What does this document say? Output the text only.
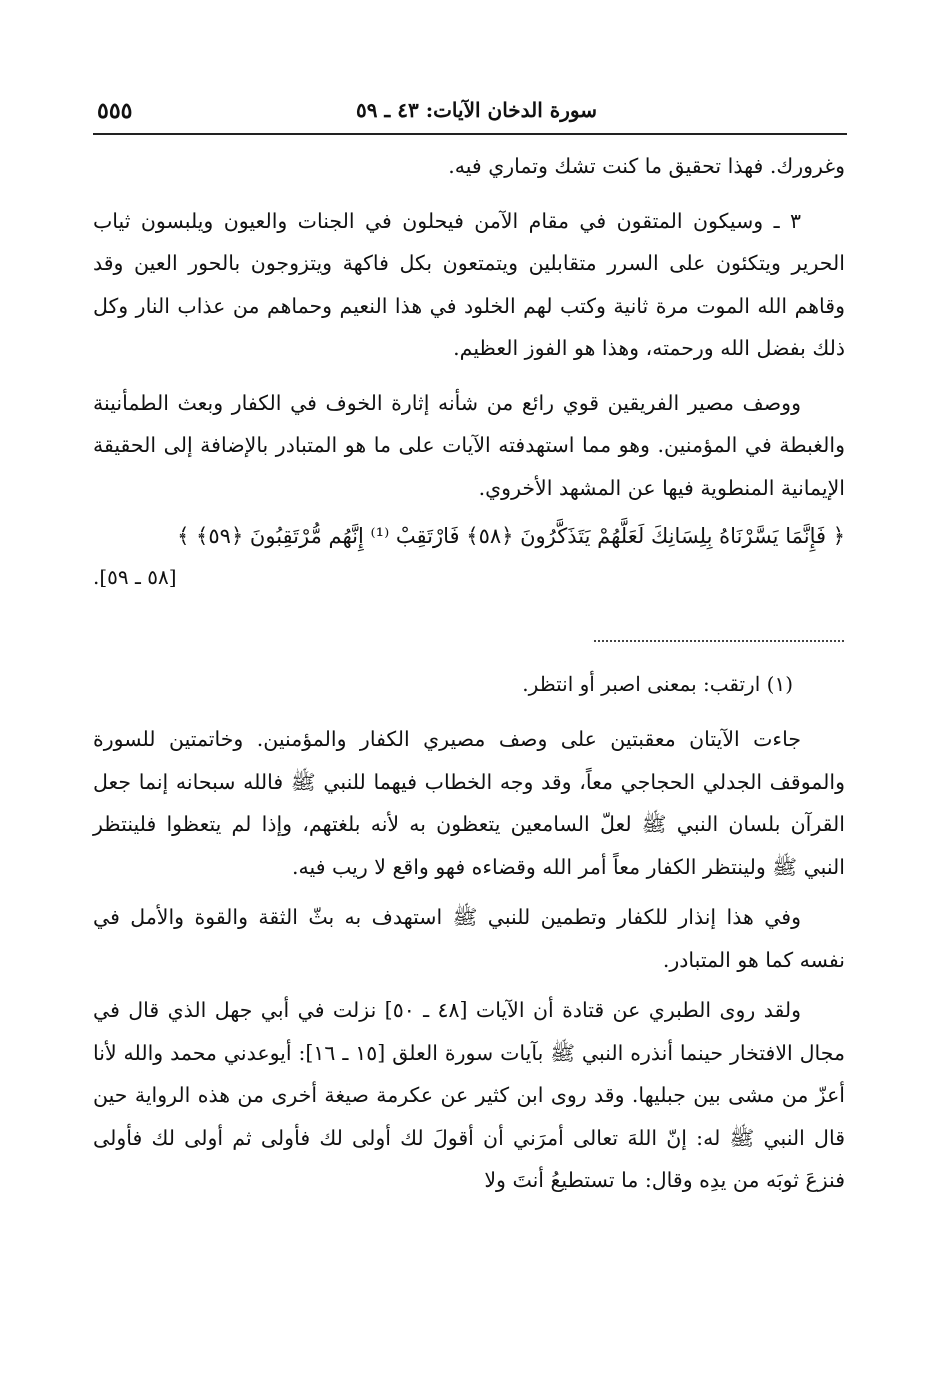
سورة الدخان الآيات: ٤٣ ـ ٥٩
٥٥٥

وغرورك. فهذا تحقيق ما كنت تشك وتماري فيه.

٣ ـ وسيكون المتقون في مقام الآمن فيحلون في الجنات والعيون ويلبسون ثياب الحرير ويتكئون على السرر متقابلين ويتمتعون بكل فاكهة ويتزوجون بالحور العين وقد وقاهم الله الموت مرة ثانية وكتب لهم الخلود في هذا النعيم وحماهم من عذاب النار وكل ذلك بفضل الله ورحمته، وهذا هو الفوز العظيم.

ووصف مصير الفريقين قوي رائع من شأنه إثارة الخوف في الكفار وبعث الطمأنينة والغبطة في المؤمنين. وهو مما استهدفته الآيات على ما هو المتبادر بالإضافة إلى الحقيقة الإيمانية المنطوية فيها عن المشهد الأخروي.

﴿ فَإِنَّمَا يَسَّرْنَاهُ بِلِسَانِكَ لَعَلَّهُمْ يَتَذَكَّرُونَ ﴿٥٨﴾ فَارْتَقِبْ ⁽¹⁾ إِنَّهُم مُّرْتَقِبُونَ ﴿٥٩﴾ ﴾

[٥٨ ـ ٥٩].

(١) ارتقب: بمعنى اصبر أو انتظر.

جاءت الآيتان معقبتين على وصف مصيري الكفار والمؤمنين. وخاتمتين للسورة والموقف الجدلي الحجاجي معاً، وقد وجه الخطاب فيهما للنبي ﷺ فالله سبحانه إنما جعل القرآن بلسان النبي ﷺ لعلّ السامعين يتعظون به لأنه بلغتهم، وإذا لم يتعظوا فلينتظر النبي ﷺ ولينتظر الكفار معاً أمر الله وقضاءه فهو واقع لا ريب فيه.

وفي هذا إنذار للكفار وتطمين للنبي ﷺ استهدف به بثّ الثقة والقوة والأمل في نفسه كما هو المتبادر.

ولقد روى الطبري عن قتادة أن الآيات [٤٨ ـ ٥٠] نزلت في أبي جهل الذي قال في مجال الافتخار حينما أنذره النبي ﷺ بآيات سورة العلق [١٥ ـ ١٦]: أيوعدني محمد والله لأنا أعزّ من مشى بين جبليها. وقد روى ابن كثير عن عكرمة صيغة أخرى من هذه الرواية حين قال النبي ﷺ له: إنّ اللهَ تعالى أمرَني أن أقولَ لك أولى لك فأولى ثم أولى لك فأولى فنزعَ ثوبَه من يدِه وقال: ما تستطيعُ أنتَ ولا
